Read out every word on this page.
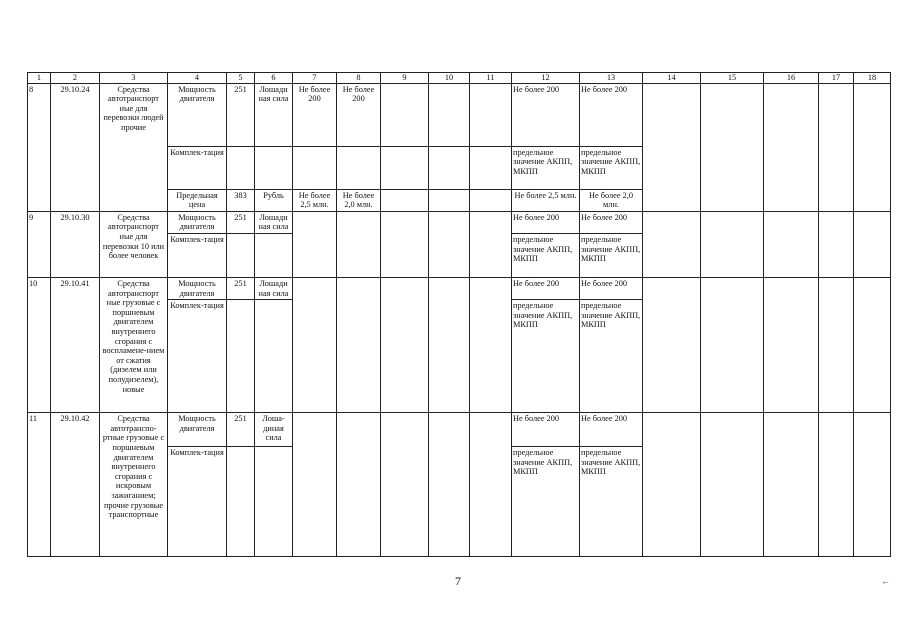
1	2	3	4	5	6	7	8	9	10	11	12	13	14	15	16	17	18
8	29.10.24	Средства автотранспорт ные для перевозки людей прочие	Мощность двигателя	251	Лошади ная сила	Не более 200	Не более 200				Не более 200	Не более 200					
			Комплек-тация								предельное значение АКПП, МКПП	предельное значение АКПП, МКПП					
			Предельная цена	383	Рубль	Не более 2,5 млн.	Не более 2,0 млн.				Не более 2,5 млн.	Не более 2,0 млн.					
9	29.10.30	Средства автотранспорт ные для перевозки 10 или более человек	Мощность двигателя	251	Лошади ная сила						Не более 200	Не более 200					
			Комплек-тация								предельное значение АКПП, МКПП	предельное значение АКПП, МКПП					
10	29.10.41	Средства автотранспорт ные грузовые с поршневым двигателем внутреннего сгорания с воспламене-нием от сжатия (дизелем или полудизелем), новые	Мощность двигателя	251	Лошади ная сила						Не более 200	Не более 200					
			Комплек-тация								предельное значение АКПП, МКПП	предельное значение АКПП, МКПП					
11	29.10.42	Средства автотранспо-ртные грузовые с поршневым двигателем внутреннего сгорания с искровым зажиганием; прочие грузовые транспортные	Мощность двигателя	251	Лоша-диная сила						Не более 200	Не более 200					
			Комплек-тация								предельное значение АКПП, МКПП	предельное значение АКПП, МКПП					
7	←
